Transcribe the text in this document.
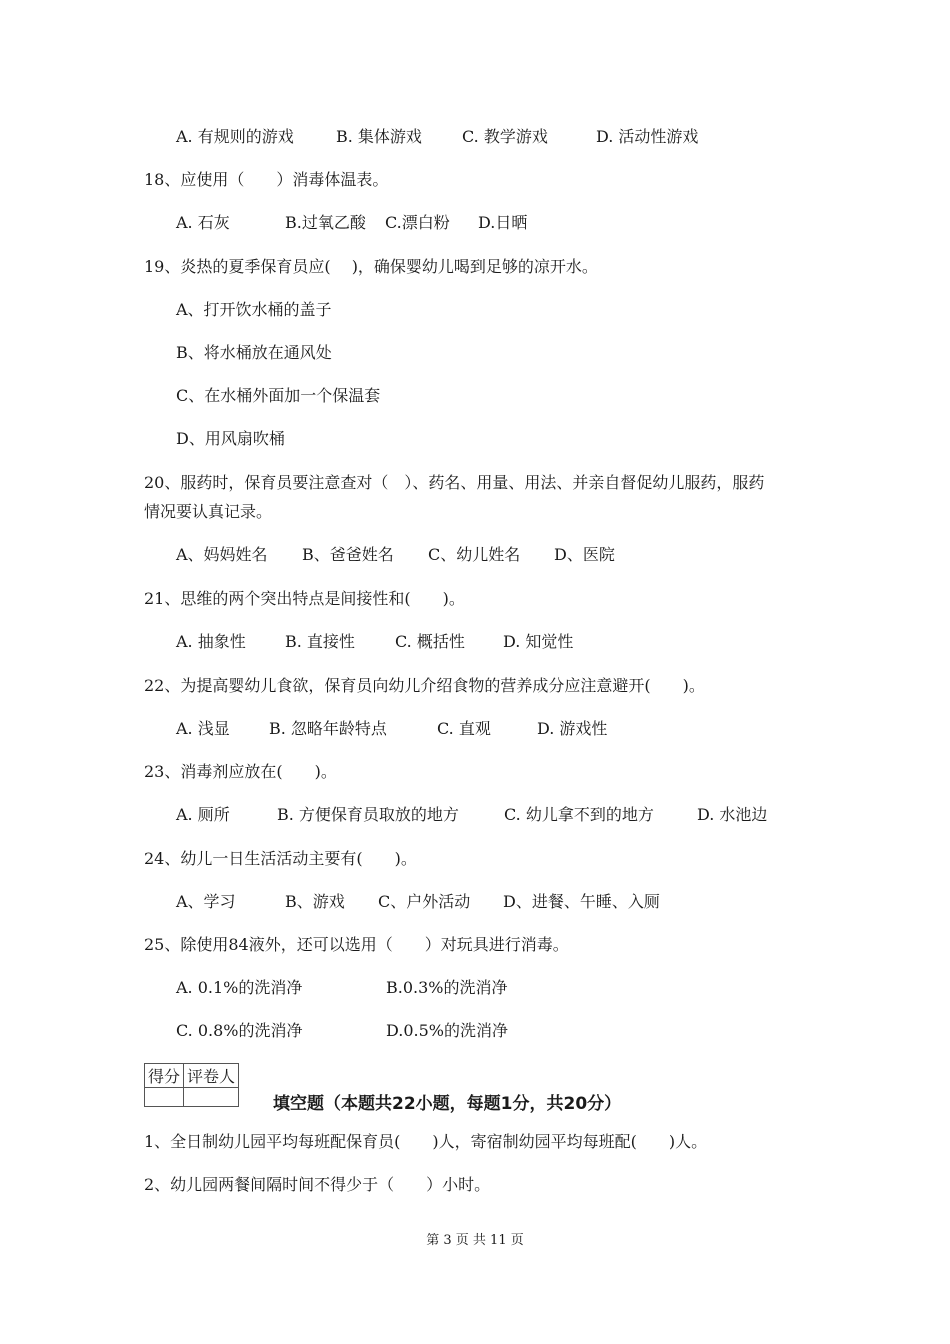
A. 有规则的游戏	B. 集体游戏	C. 教学游戏	D. 活动性游戏
18、应使用（　　）消毒体温表。
A. 石灰	B.过氧乙酸 C.漂白粉 D.日晒
19、炎热的夏季保育员应(　 )，确保婴幼儿喝到足够的凉开水。
A、打开饮水桶的盖子
B、将水桶放在通风处
C、在水桶外面加一个保温套
D、用风扇吹桶
20、服药时，保育员要注意查对（　）、药名、用量、用法、并亲自督促幼儿服药，服药
情况要认真记录。
A、妈妈姓名 B、爸爸姓名 C、幼儿姓名 D、医院
21、思维的两个突出特点是间接性和(　　)。
A. 抽象性 B. 直接性	C. 概括性 D. 知觉性
22、为提高婴幼儿食欲，保育员向幼儿介绍食物的营养成分应注意避开(　　)。
A. 浅显 B. 忽略年龄特点	C. 直观	D. 游戏性
23、消毒剂应放在(　　)。
A. 厕所	B. 方便保育员取放的地方	C. 幼儿拿不到的地方	D. 水池边
24、幼儿一日生活活动主要有(　　)。
A、学习	B、游戏 C、户外活动 D、进餐、午睡、入厕
25、除使用84液外，还可以选用（　　）对玩具进行消毒。
A. 0.1%的洗消净	B.0.3%的洗消净
C. 0.8%的洗消净	D.0.5%的洗消净
得分	评卷人

填空题（本题共22小题，每题1分，共20分）
1、全日制幼儿园平均每班配保育员(　　)人，寄宿制幼园平均每班配(　　)人。
2、幼儿园两餐间隔时间不得少于（　　）小时。
第 3 页 共 11 页
